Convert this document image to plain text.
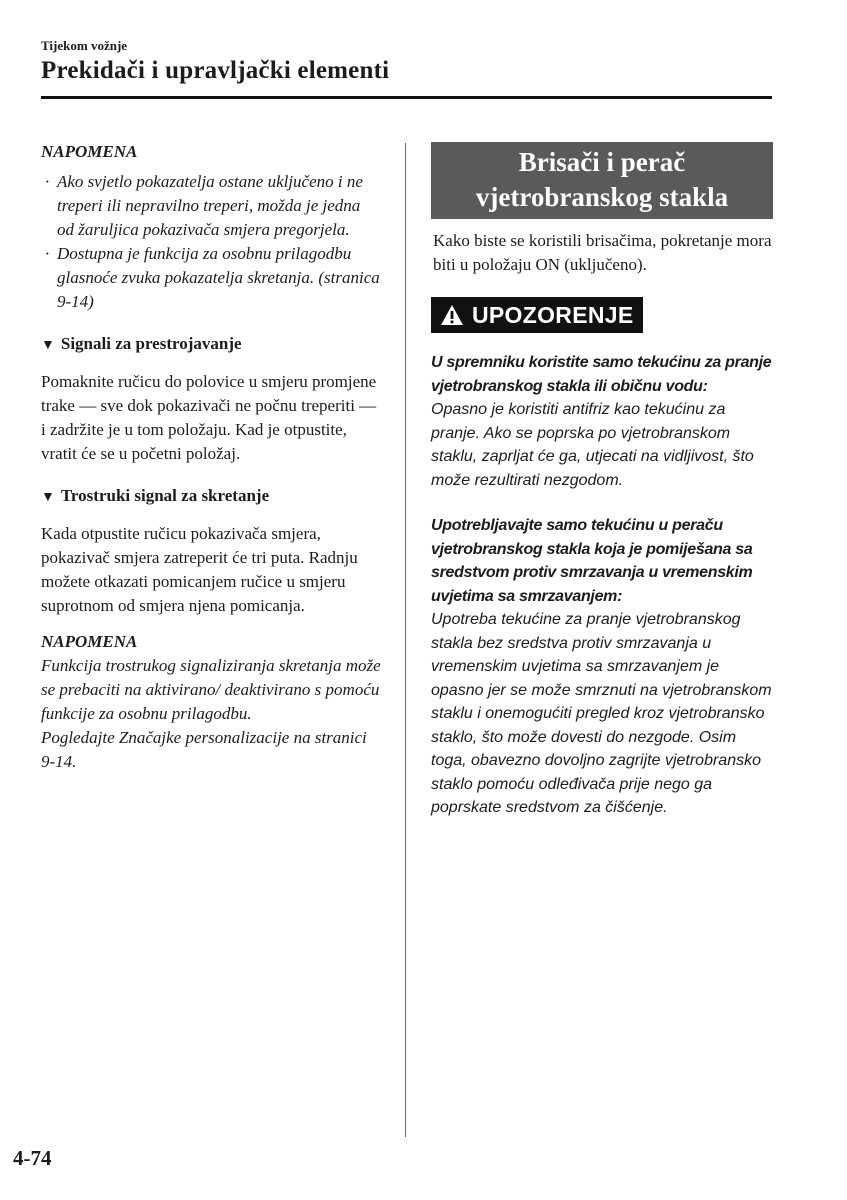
Tijekom vožnje
Prekidači i upravljački elementi

NAPOMENA

· Ako svjetlo pokazatelja ostane uključeno i ne treperi ili nepravilno treperi, možda je jedna od žaruljica pokazivača smjera pregorjela.
· Dostupna je funkcija za osobnu prilagodbu glasnoće zvuka pokazatelja skretanja. (stranica 9-14)

▼ Signali za prestrojavanje

Pomaknite ručicu do polovice u smjeru promjene trake — sve dok pokazivači ne počnu treperiti — i zadržite je u tom položaju. Kad je otpustite, vratit će se u početni položaj.

▼ Trostruki signal za skretanje

Kada otpustite ručicu pokazivača smjera, pokazivač smjera zatreperit će tri puta. Radnju možete otkazati pomicanjem ručice u smjeru suprotnom od smjera njena pomicanja.

NAPOMENA

Funkcija trostrukog signaliziranja skretanja može se prebaciti na aktivirano/ deaktivirano s pomoću funkcije za osobnu prilagodbu.

Pogledajte Značajke personalizacije na stranici 9-14.

Brisači i perač
vjetrobranskog stakla

Kako biste se koristili brisačima, pokretanje mora biti u položaju ON (uključeno).

UPOZORENJE
U spremniku koristite samo tekućinu za pranje vjetrobranskog stakla ili običnu vodu:
Opasno je koristiti antifriz kao tekućinu za pranje. Ako se poprska po vjetrobranskom staklu, zaprljat će ga, utjecati na vidljivost, što može rezultirati nezgodom.
Upotrebljavajte samo tekućinu u peraču vjetrobranskog stakla koja je pomiješana sa sredstvom protiv smrzavanja u vremenskim uvjetima sa smrzavanjem:
Upotreba tekućine za pranje vjetrobranskog stakla bez sredstva protiv smrzavanja u vremenskim uvjetima sa smrzavanjem je opasno jer se može smrznuti na vjetrobranskom staklu i onemogućiti pregled kroz vjetrobransko staklo, što može dovesti do nezgode. Osim toga, obavezno dovoljno zagrijte vjetrobransko staklo pomoću odleđivača prije nego ga poprskate sredstvom za čišćenje.
4-74
